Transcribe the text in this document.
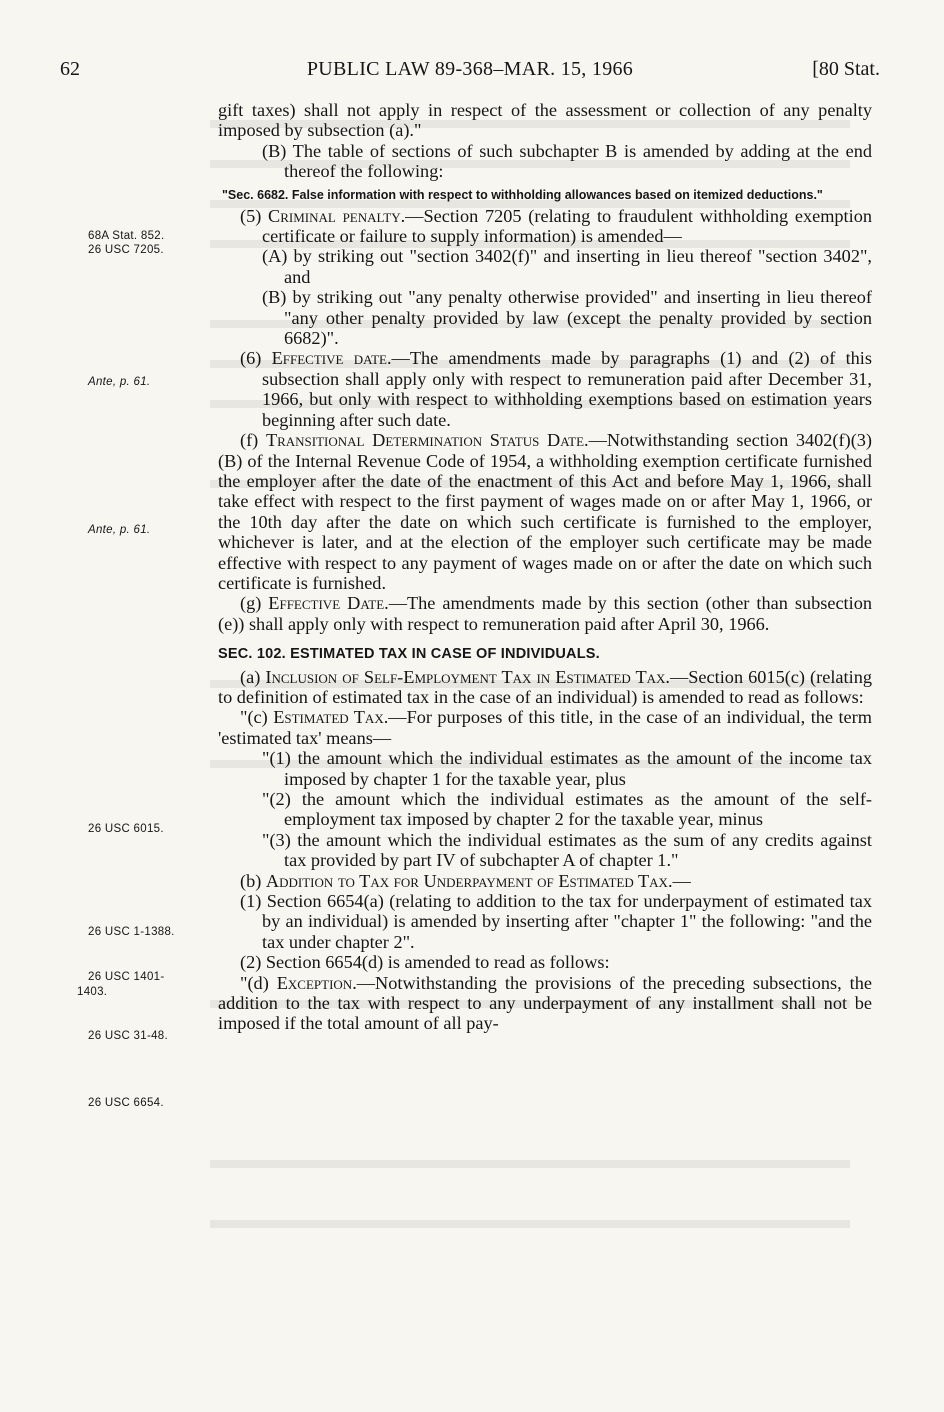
62	PUBLIC LAW 89-368–MAR. 15, 1966	[80 Stat.
68A Stat. 852.
26 USC 7205.
Ante, p. 61.
Ante, p. 61.
26 USC 6015.
26 USC 1-1388.
26 USC 1401-
1403.
26 USC 31-48.
26 USC 6654.

gift taxes) shall not apply in respect of the assessment or collection of any penalty imposed by subsection (a)."

(B) The table of sections of such subchapter B is amended by adding at the end thereof the following:

"Sec. 6682. False information with respect to withholding allowances based on itemized deductions."

(5) Criminal penalty.—Section 7205 (relating to fraudulent withholding exemption certificate or failure to supply information) is amended—

(A) by striking out "section 3402(f)" and inserting in lieu thereof "section 3402", and

(B) by striking out "any penalty otherwise provided" and inserting in lieu thereof "any other penalty provided by law (except the penalty provided by section 6682)".

(6) Effective date.—The amendments made by paragraphs (1) and (2) of this subsection shall apply only with respect to remuneration paid after December 31, 1966, but only with respect to withholding exemptions based on estimation years beginning after such date.

(f) Transitional Determination Status Date.—Notwithstanding section 3402(f)(3)(B) of the Internal Revenue Code of 1954, a withholding exemption certificate furnished the employer after the date of the enactment of this Act and before May 1, 1966, shall take effect with respect to the first payment of wages made on or after May 1, 1966, or the 10th day after the date on which such certificate is furnished to the employer, whichever is later, and at the election of the employer such certificate may be made effective with respect to any payment of wages made on or after the date on which such certificate is furnished.

(g) Effective Date.—The amendments made by this section (other than subsection (e)) shall apply only with respect to remuneration paid after April 30, 1966.

SEC. 102. ESTIMATED TAX IN CASE OF INDIVIDUALS.

(a) Inclusion of Self-Employment Tax in Estimated Tax.—Section 6015(c) (relating to definition of estimated tax in the case of an individual) is amended to read as follows:

"(c) Estimated Tax.—For purposes of this title, in the case of an individual, the term 'estimated tax' means—

"(1) the amount which the individual estimates as the amount of the income tax imposed by chapter 1 for the taxable year, plus

"(2) the amount which the individual estimates as the amount of the self-employment tax imposed by chapter 2 for the taxable year, minus

"(3) the amount which the individual estimates as the sum of any credits against tax provided by part IV of subchapter A of chapter 1."

(b) Addition to Tax for Underpayment of Estimated Tax.—

(1) Section 6654(a) (relating to addition to the tax for underpayment of estimated tax by an individual) is amended by inserting after "chapter 1" the following: "and the tax under chapter 2".

(2) Section 6654(d) is amended to read as follows:

"(d) Exception.—Notwithstanding the provisions of the preceding subsections, the addition to the tax with respect to any underpayment of any installment shall not be imposed if the total amount of all pay-
